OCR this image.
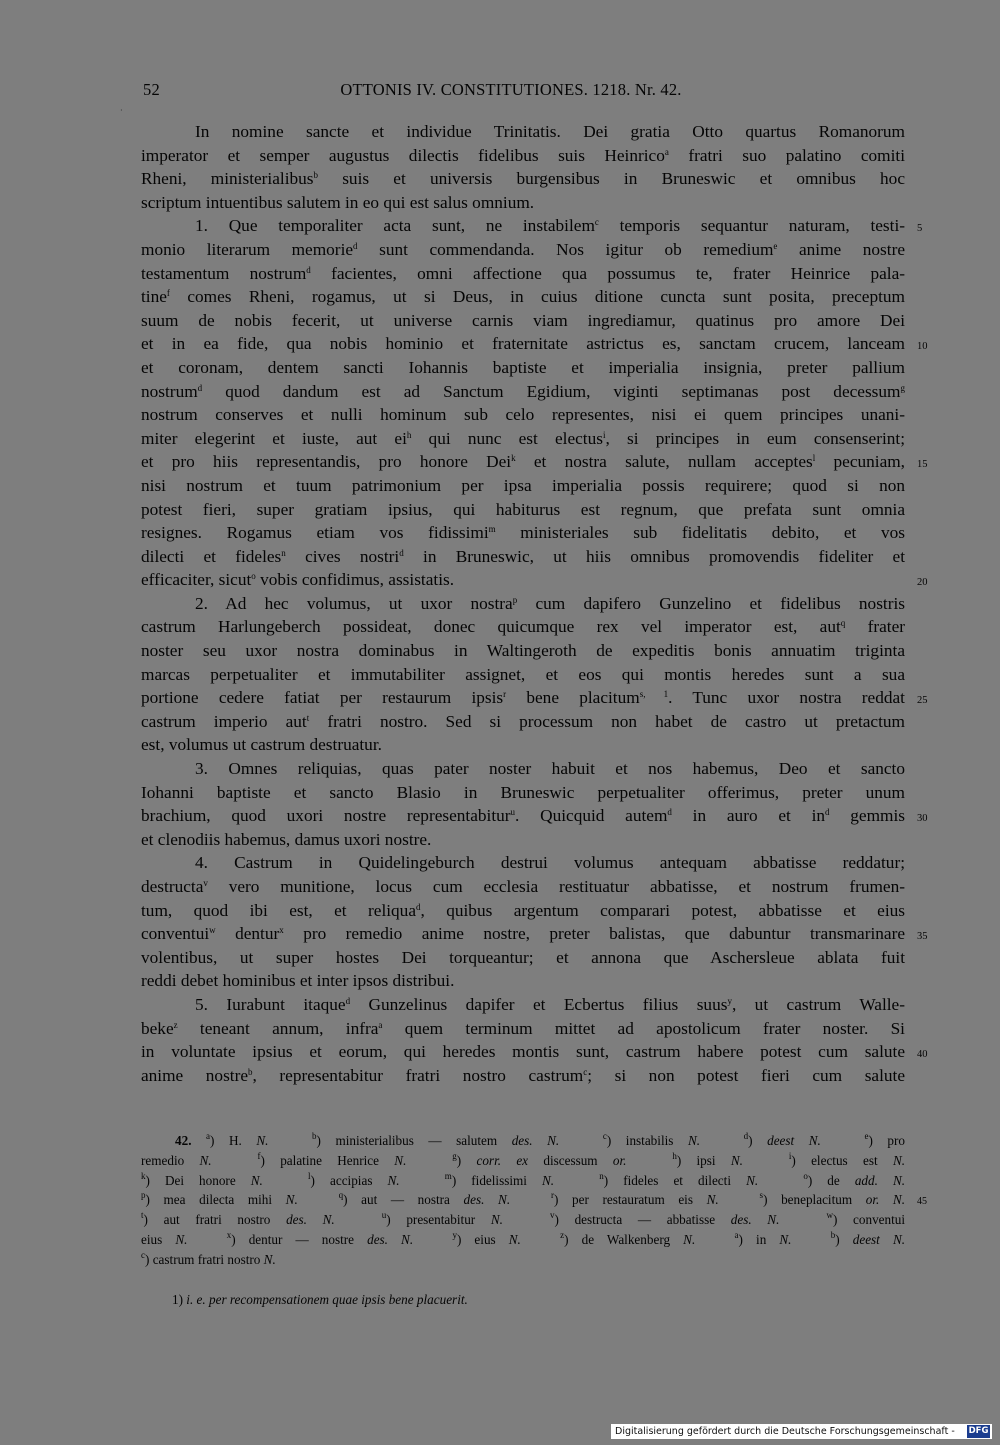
52	OTTONIS IV. CONSTITUTIONES. 1218. Nr. 42.
·
In nomine sancte et individue Trinitatis. Dei gratia Otto quartus Romanorum
imperator et semper augustus dilectis fidelibus suis Heinrico$^a$ fratri suo palatino comiti
Rheni, ministerialibus$^b$ suis et universis burgensibus in Bruneswic et omnibus hoc
scriptum intuentibus salutem in eo qui est salus omnium.
1. Que temporaliter acta sunt, ne instabilem$^c$ temporis sequantur naturam, testi- 5
monio literarum memorie$^d$ sunt commendanda. Nos igitur ob remedium$^e$ anime nostre
testamentum nostrum$^d$ facientes, omni affectione qua possumus te, frater Heinrice pala-
tine$^f$ comes Rheni, rogamus, ut si Deus, in cuius ditione cuncta sunt posita, preceptum
suum de nobis fecerit, ut universe carnis viam ingrediamur, quatinus pro amore Dei
et in ea fide, qua nobis hominio et fraternitate astrictus es, sanctam crucem, lanceam 10
et coronam, dentem sancti Iohannis baptiste et imperialia insignia, preter pallium
nostrum$^d$ quod dandum est ad Sanctum Egidium, viginti septimanas post decessum$^g$
nostrum conserves et nulli hominum sub celo representes, nisi ei quem principes unani-
miter elegerint et iuste, aut $ei^h$ qui nunc est electus$^i$, si principes in eum consenserint;
et pro hiis representandis, pro honore Dei$^k$ et nostra salute, nullam acceptes$^l$ pecuniam, 15
nisi nostrum et tuum patrimonium per ipsa imperialia possis requirere; quod si non
potest fieri, super gratiam ipsius, qui habiturus est regnum, que prefata sunt omnia
resignes. Rogamus etiam vos fidissimi$^m$ ministeriales sub fidelitatis debito, et vos
dilecti et fideles$^n$ cives nostri$^d$ in Bruneswic, ut hiis omnibus promovendis fideliter et
efficaciter, sicut$^o$ vobis confidimus, assistatis.	20
2. Ad hec volumus, ut uxor nostra$^p$ cum dapifero Gunzelino et fidelibus nostris
castrum Harlungeberch possideat, donec quicumque rex vel imperator est, aut$^q$ frater
noster seu uxor nostra dominabus in Waltingeroth de expeditis bonis annuatim triginta
marcas perpetualiter et immutabiliter assignet, et eos qui montis heredes sunt a sua
portione cedere fatiat per restaurum ipsis$^r$ bene placitum$^{s, 1}$. Tunc uxor nostra reddat 25
castrum imperio aut$^t$ fratri nostro. Sed si processum non habet de castro ut pretactum
est, volumus ut castrum destruatur.
3. Omnes reliquias, quas pater noster habuit et nos habemus, Deo et sancto
Iohanni baptiste et sancto Blasio in Bruneswic perpetualiter offerimus, preter unum
brachium, quod uxori nostre representabitur$^u$. Quicquid autem$^d$ in auro et $in^d$ gemmis 30
et clenodiis habemus, damus uxori nostre.
4. Castrum in Quidelingeburch destrui volumus antequam abbatisse reddatur;
destructa$^v$ vero munitione, locus cum ecclesia restituatur abbatisse, et nostrum frumen-
tum, quod ibi est, et reliqua$^d$, quibus argentum comparari potest, abbatisse et eius
conventui$^w$ dentur$^x$ pro remedio anime nostre, preter balistas, que dabuntur transmarinare 35
volentibus, ut super hostes Dei torqueantur; et annona que Aschersleue ablata fuit
reddi debet hominibus et inter ipsos distribui.
5. Iurabunt itaque$^d$ Gunzelinus dapifer et Ecbertus filius suus$^y$, ut castrum Walle-
beke$^z$ teneant annum, infra$^a$ quem terminum mittet ad apostolicum frater noster. Si
in voluntate ipsius et eorum, qui heredes montis sunt, castrum habere potest cum salute 40
anime nostre$^b$, representabitur fratri nostro castrum$^c$; si non potest fieri cum salute
42. $^a$) H. N.	$^b$) ministerialibus — salutem des. N.	$^c$) instabilis N.	$^d$) deest N.	$^e$) pro
remedio N.	$^f$) palatine Henrice N.	$^g$) corr. ex discessum or.	$^h$) ipsi N.	$^i$) electus est N.
$^k$) Dei honore N.	$^l$) accipias N.	$^m$) fidelissimi N.	$^n$) fideles et dilecti N.	$^o$) de add. N.
$^p$) mea dilecta mihi N.	$^q$) aut — nostra des. N.	$^r$) per restauratum eis N.	$^s$) beneplacitum or. N. 45
$^t$) aut fratri nostro des. N.	$^u$) presentabitur N.	$^v$) destructa — abbatisse des. N.	$^w$) conventui
eius N.	$^x$) dentur — nostre des. N.	$^y$) eius N.	$^z$) de Walkenberg N.	$^a$) in N.	$^b$) deest N.
$^c$) castrum fratri nostro N.
1) i. e. per recompensationem quae ipsis bene placuerit.
Digitalisierung gefördert durch die Deutsche Forschungsgemeinschaft - DFG
